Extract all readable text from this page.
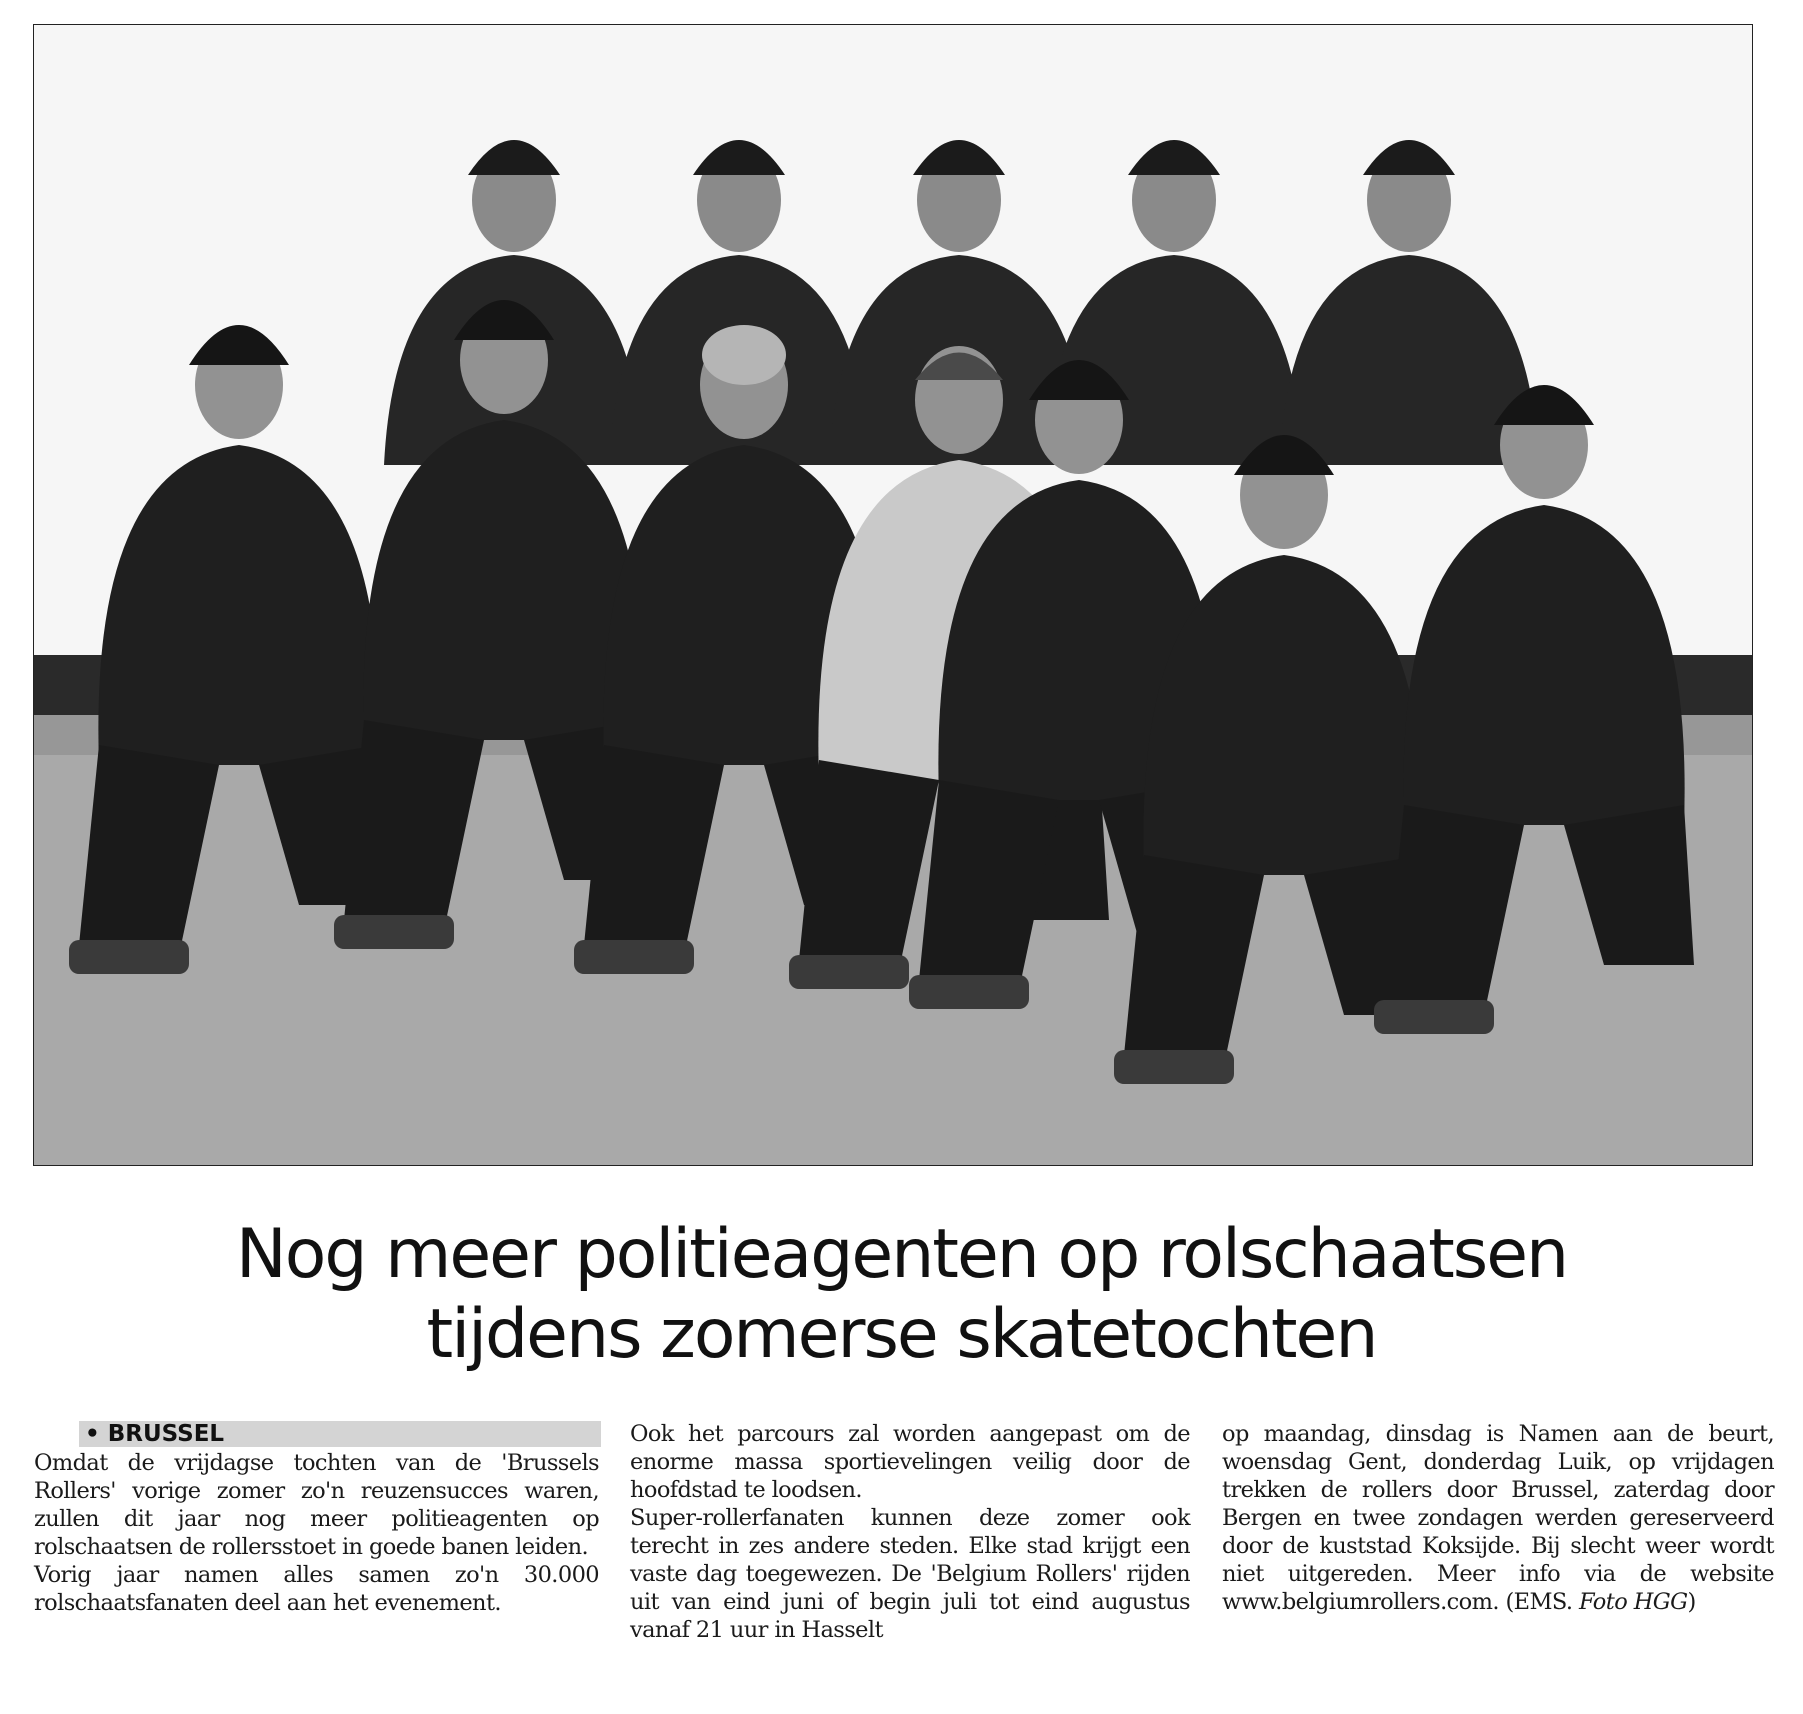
Nog meer politieagenten op rolschaatsen
tijdens zomerse skatetochten
• BRUSSEL

Omdat de vrijdagse tochten van de 'Brussels Rollers' vorige zomer zo'n reuzensucces waren, zullen dit jaar nog meer politieagenten op rolschaatsen de rollersstoet in goede banen leiden.

Vorig jaar namen alles samen zo'n 30.000 rolschaatsfanaten deel aan het evenement.

Ook het parcours zal worden aangepast om de enorme massa sportievelingen veilig door de hoofdstad te loodsen.

Super-rollerfanaten kunnen deze zomer ook terecht in zes andere steden. Elke stad krijgt een vaste dag toegewezen. De 'Belgium Rollers' rijden uit van eind juni of begin juli tot eind augustus vanaf 21 uur in Hasselt

op maandag, dinsdag is Namen aan de beurt, woensdag Gent, donderdag Luik, op vrijdagen trekken de rollers door Brussel, zaterdag door Bergen en twee zondagen werden gereserveerd door de kuststad Koksijde. Bij slecht weer wordt niet uitgereden. Meer info via de website www.belgiumrollers.com. (EMS. Foto HGG)
